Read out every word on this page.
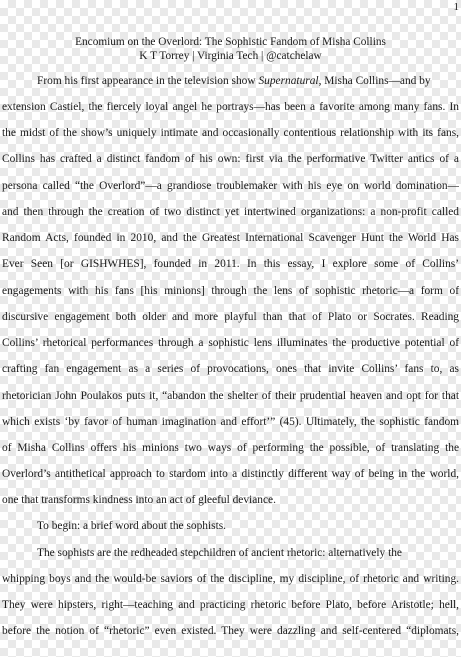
1
Encomium on the Overlord: The Sophistic Fandom of Misha Collins
K T Torrey | Virginia Tech | @catchelaw
From his first appearance in the television show Supernatural, Misha Collins—and by
extension Castiel, the fiercely loyal angel he portrays—has been a favorite among many fans. In
the midst of the show’s uniquely intimate and occasionally contentious relationship with its fans,
Collins has crafted a distinct fandom of his own: first via the performative Twitter antics of a
persona called “the Overlord”—a grandiose troublemaker with his eye on world domination—
and then through the creation of two distinct yet intertwined organizations: a non-profit called
Random Acts, founded in 2010, and the Greatest International Scavenger Hunt the World Has
Ever Seen [or GISHWHES], founded in 2011. In this essay, I explore some of Collins’
engagements with his fans [his minions] through the lens of sophistic rhetoric—a form of
discursive engagement both older and more playful than that of Plato or Socrates. Reading
Collins’ rhetorical performances through a sophistic lens illuminates the productive potential of
crafting fan engagement as a series of provocations, ones that invite Collins’ fans to, as
rhetorician John Poulakos puts it, “abandon the shelter of their prudential heaven and opt for that
which exists ‘by favor of human imagination and effort’” (45). Ultimately, the sophistic fandom
of Misha Collins offers his minions two ways of performing the possible, of translating the
Overlord’s antithetical approach to stardom into a distinctly different way of being in the world,
one that transforms kindness into an act of gleeful deviance.
To begin: a brief word about the sophists.
The sophists are the redheaded stepchildren of ancient rhetoric: alternatively the
whipping boys and the would-be saviors of the discipline, my discipline, of rhetoric and writing.
They were hipsters, right—teaching and practicing rhetoric before Plato, before Aristotle; hell,
before the notion of “rhetoric” even existed. They were dazzling and self-centered “diplomats,
